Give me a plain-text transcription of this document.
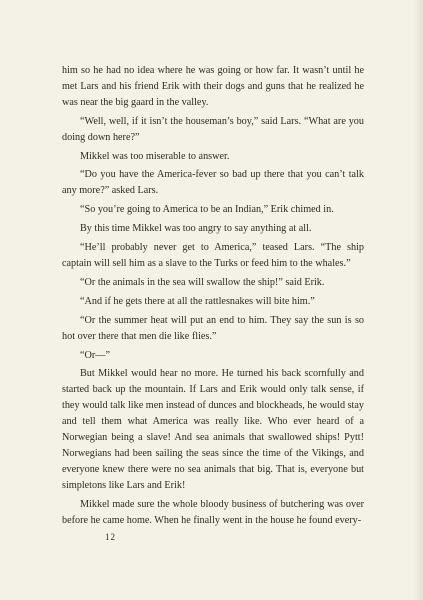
him so he had no idea where he was going or how far. It wasn’t until he met Lars and his friend Erik with their dogs and guns that he realized he was near the big gaard in the valley.

“Well, well, if it isn’t the houseman’s boy,” said Lars. “What are you doing down here?”

Mikkel was too miserable to answer.

“Do you have the America-fever so bad up there that you can’t talk any more?” asked Lars.

“So you’re going to America to be an Indian,” Erik chimed in.

By this time Mikkel was too angry to say anything at all.

“He’ll probably never get to America,” teased Lars. “The ship captain will sell him as a slave to the Turks or feed him to the whales.”

“Or the animals in the sea will swallow the ship!” said Erik.

“And if he gets there at all the rattlesnakes will bite him.”

“Or the summer heat will put an end to him. They say the sun is so hot over there that men die like flies.”

“Or—”

But Mikkel would hear no more. He turned his back scornfully and started back up the mountain. If Lars and Erik would only talk sense, if they would talk like men instead of dunces and blockheads, he would stay and tell them what America was really like. Who ever heard of a Norwegian being a slave! And sea animals that swallowed ships! Pytt! Norwegians had been sailing the seas since the time of the Vikings, and everyone knew there were no sea animals that big. That is, everyone but simpletons like Lars and Erik!

Mikkel made sure the whole bloody business of butchering was over before he came home. When he finally went in the house he found every-

12
